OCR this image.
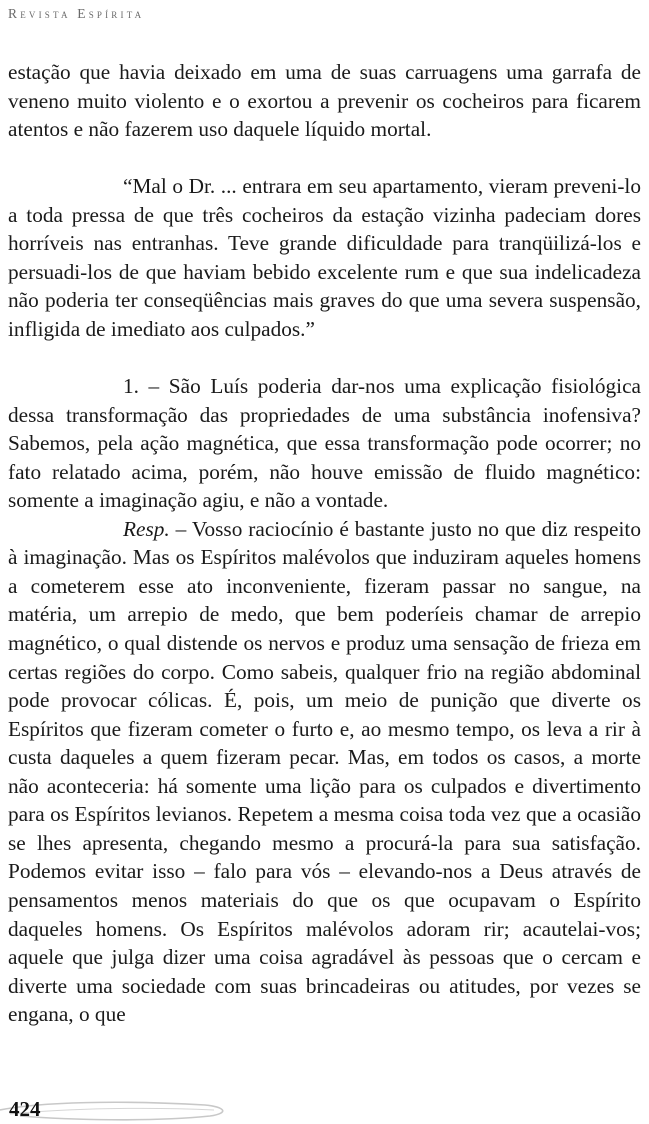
Revista Espírita

estação que havia deixado em uma de suas carruagens uma garrafa de veneno muito violento e o exortou a prevenir os cocheiros para ficarem atentos e não fazerem uso daquele líquido mortal.

“Mal o Dr. ... entrara em seu apartamento, vieram preveni-lo a toda pressa de que três cocheiros da estação vizinha padeciam dores horríveis nas entranhas. Teve grande dificuldade para tranqüilizá-los e persuadi-los de que haviam bebido excelente rum e que sua indelicadeza não poderia ter conseqüências mais graves do que uma severa suspensão, infligida de imediato aos culpados.”

1. – São Luís poderia dar-nos uma explicação fisiológica dessa transformação das propriedades de uma substância inofensiva? Sabemos, pela ação magnética, que essa transformação pode ocorrer; no fato relatado acima, porém, não houve emissão de fluido magnético: somente a imaginação agiu, e não a vontade.

Resp. – Vosso raciocínio é bastante justo no que diz respeito à imaginação. Mas os Espíritos malévolos que induziram aqueles homens a cometerem esse ato inconveniente, fizeram passar no sangue, na matéria, um arrepio de medo, que bem poderíeis chamar de arrepio magnético, o qual distende os nervos e produz uma sensação de frieza em certas regiões do corpo. Como sabeis, qualquer frio na região abdominal pode provocar cólicas. É, pois, um meio de punição que diverte os Espíritos que fizeram cometer o furto e, ao mesmo tempo, os leva a rir à custa daqueles a quem fizeram pecar. Mas, em todos os casos, a morte não aconteceria: há somente uma lição para os culpados e divertimento para os Espíritos levianos. Repetem a mesma coisa toda vez que a ocasião se lhes apresenta, chegando mesmo a procurá-la para sua satisfação. Podemos evitar isso – falo para vós – elevando-nos a Deus através de pensamentos menos materiais do que os que ocupavam o Espírito daqueles homens. Os Espíritos malévolos adoram rir; acautelai-vos; aquele que julga dizer uma coisa agradável às pessoas que o cercam e diverte uma sociedade com suas brincadeiras ou atitudes, por vezes se engana, o que

424
